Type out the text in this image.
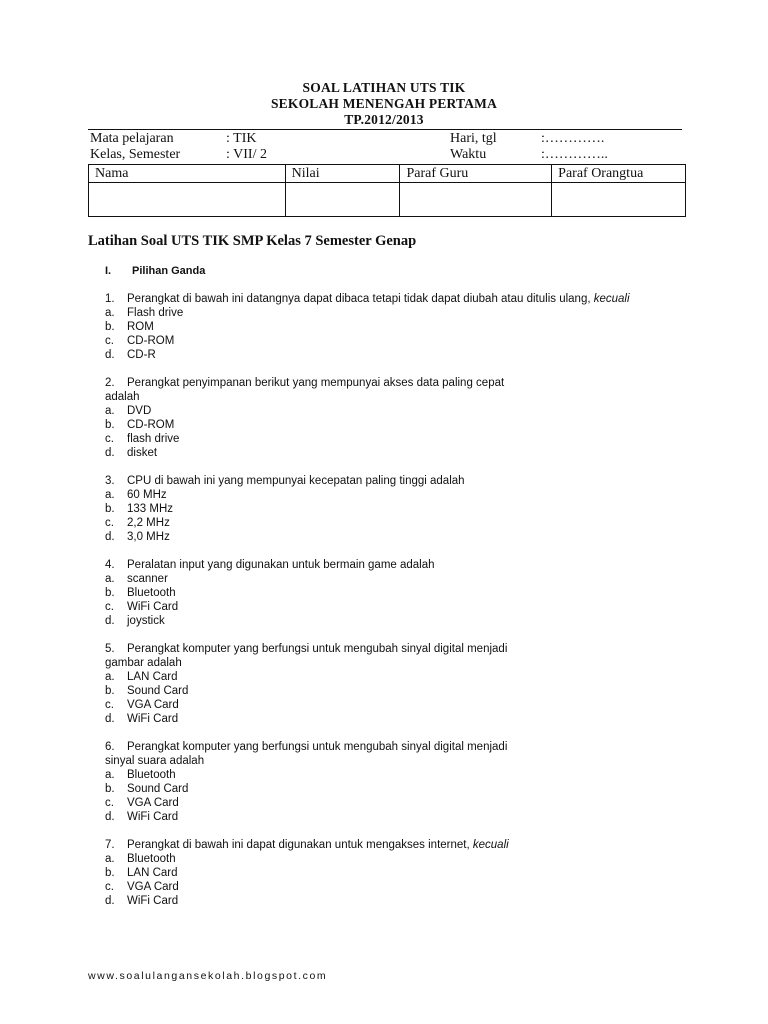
SOAL LATIHAN UTS TIK
SEKOLAH MENENGAH PERTAMA
TP.2012/2013
Mata pelajaran	: TIK	Hari, tgl	:………….
Kelas, Semester	: VII/ 2	Waktu	:…………..
Nama	Nilai	Paraf Guru	Paraf Orangtua

Latihan Soal UTS TIK SMP Kelas 7 Semester Genap
I. Pilihan Ganda
1. Perangkat di bawah ini datangnya dapat dibaca tetapi tidak dapat diubah atau ditulis ulang, kecuali
a. Flash drive
b. ROM
c. CD-ROM
d. CD-R
2. Perangkat penyimpanan berikut yang mempunyai akses data paling cepat
adalah
a. DVD
b. CD-ROM
c. flash drive
d. disket
3. CPU di bawah ini yang mempunyai kecepatan paling tinggi adalah
a. 60 MHz
b. 133 MHz
c. 2,2 MHz
d. 3,0 MHz
4. Peralatan input yang digunakan untuk bermain game adalah
a. scanner
b. Bluetooth
c. WiFi Card
d. joystick
5. Perangkat komputer yang berfungsi untuk mengubah sinyal digital menjadi
gambar adalah
a. LAN Card
b. Sound Card
c. VGA Card
d. WiFi Card
6. Perangkat komputer yang berfungsi untuk mengubah sinyal digital menjadi
sinyal suara adalah
a. Bluetooth
b. Sound Card
c. VGA Card
d. WiFi Card
7. Perangkat di bawah ini dapat digunakan untuk mengakses internet, kecuali
a. Bluetooth
b. LAN Card
c. VGA Card
d. WiFi Card
www.soalulangansekolah.blogspot.com
